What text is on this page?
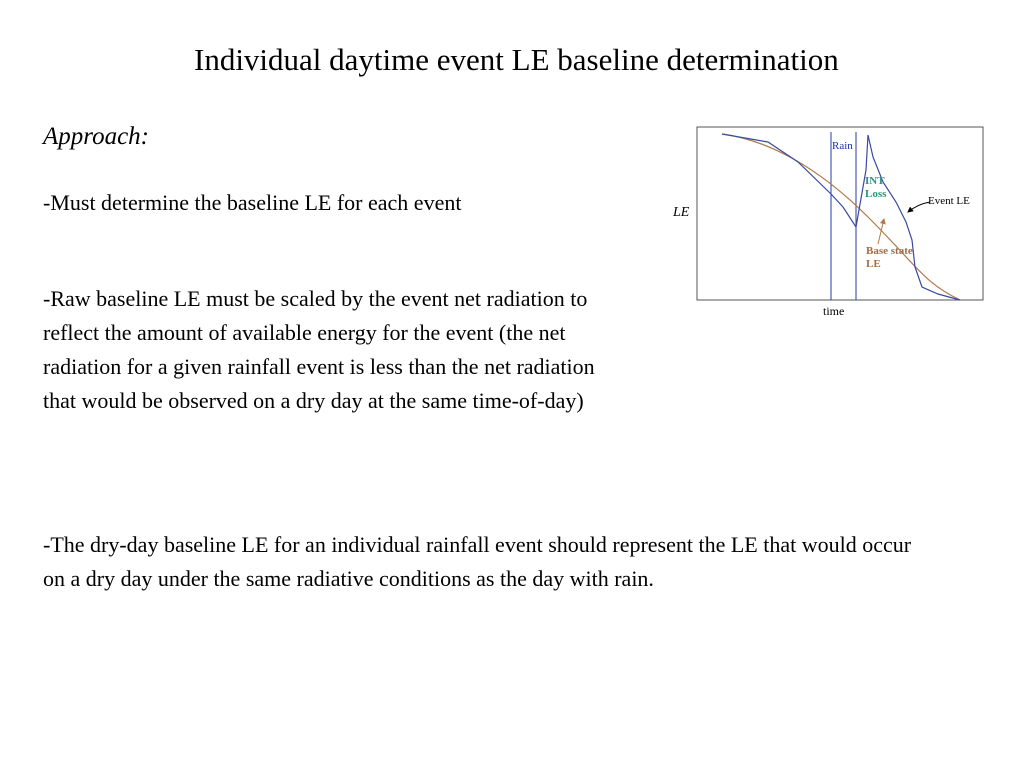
Individual daytime event LE baseline determination
Approach:
-Must determine the baseline LE for each event
-Raw baseline LE must be scaled by the event net radiation to reflect the amount of available energy for the event (the net radiation for a given rainfall event is less than the net radiation that would be observed on a dry day at the same time-of-day)
-The dry-day baseline LE for an individual rainfall event should represent the LE that would occur on a dry day under the same radiative conditions as the day with rain.
LE
time
Rain
INT Loss
Event LE
Base state LE
